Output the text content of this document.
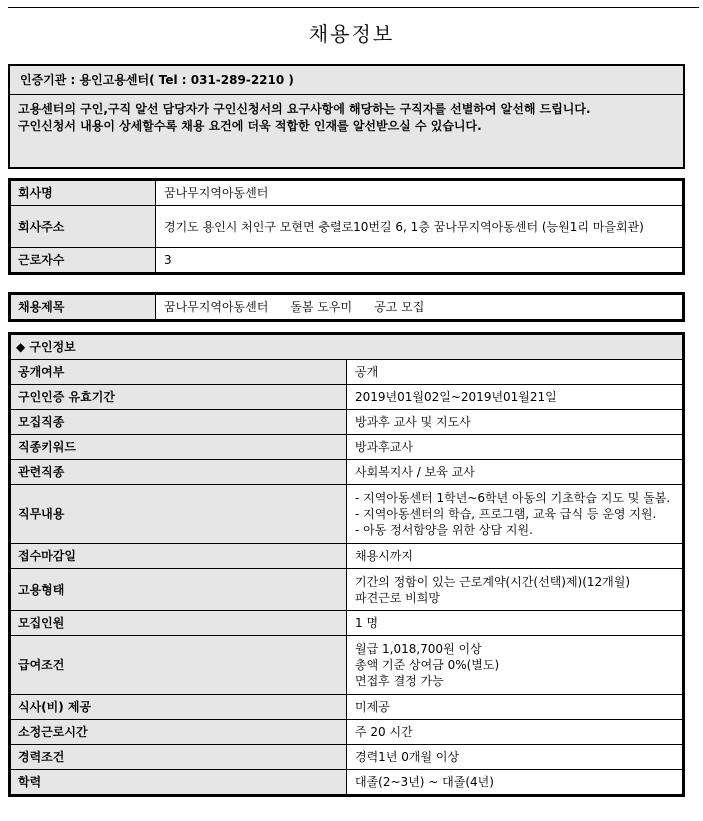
채용정보
인증기관 : 용인고용센터( Tel : 031-289-2210 )
고용센터의 구인,구직 알선 담당자가 구인신청서의 요구사항에 해당하는 구직자를 선별하여 알선해 드립니다.
구인신청서 내용이 상세할수록 채용 요건에 더욱 적합한 인재를 알선받으실 수 있습니다.
회사명	꿈나무지역아동센터
회사주소	경기도 용인시 처인구 모현면 충렬로10번길 6, 1층 꿈나무지역아동센터 (능원1리 마을회관)
근로자수	3
채용제목	꿈나무지역아동센터 돌봄 도우미 공고 모집
◆ 구인정보	
공개여부	공개
구인인증 유효기간	2019년01월02일~2019년01월21일
모집직종	방과후 교사 및 지도사
직종키워드	방과후교사
관련직종	사회복지사 / 보육 교사
직무내용	- 지역아동센터 1학년~6학년 아동의 기초학습 지도 및 돌봄.
- 지역아동센터의 학습, 프로그램, 교육 급식 등 운영 지원.
- 아동 정서함양을 위한 상담 지원.

접수마감일	채용시까지
고용형태	기간의 정함이 있는 근로계약(시간(선택)제)(12개월)
파견근로 비희망

모집인원	1 명
급여조건	월급 1,018,700원 이상
총액 기준 상여금 0%(별도)
면접후 결정 가능

식사(비) 제공	미제공
소정근로시간	주 20 시간
경력조건	경력1년 0개월 이상
학력	대졸(2~3년) ~ 대졸(4년)
